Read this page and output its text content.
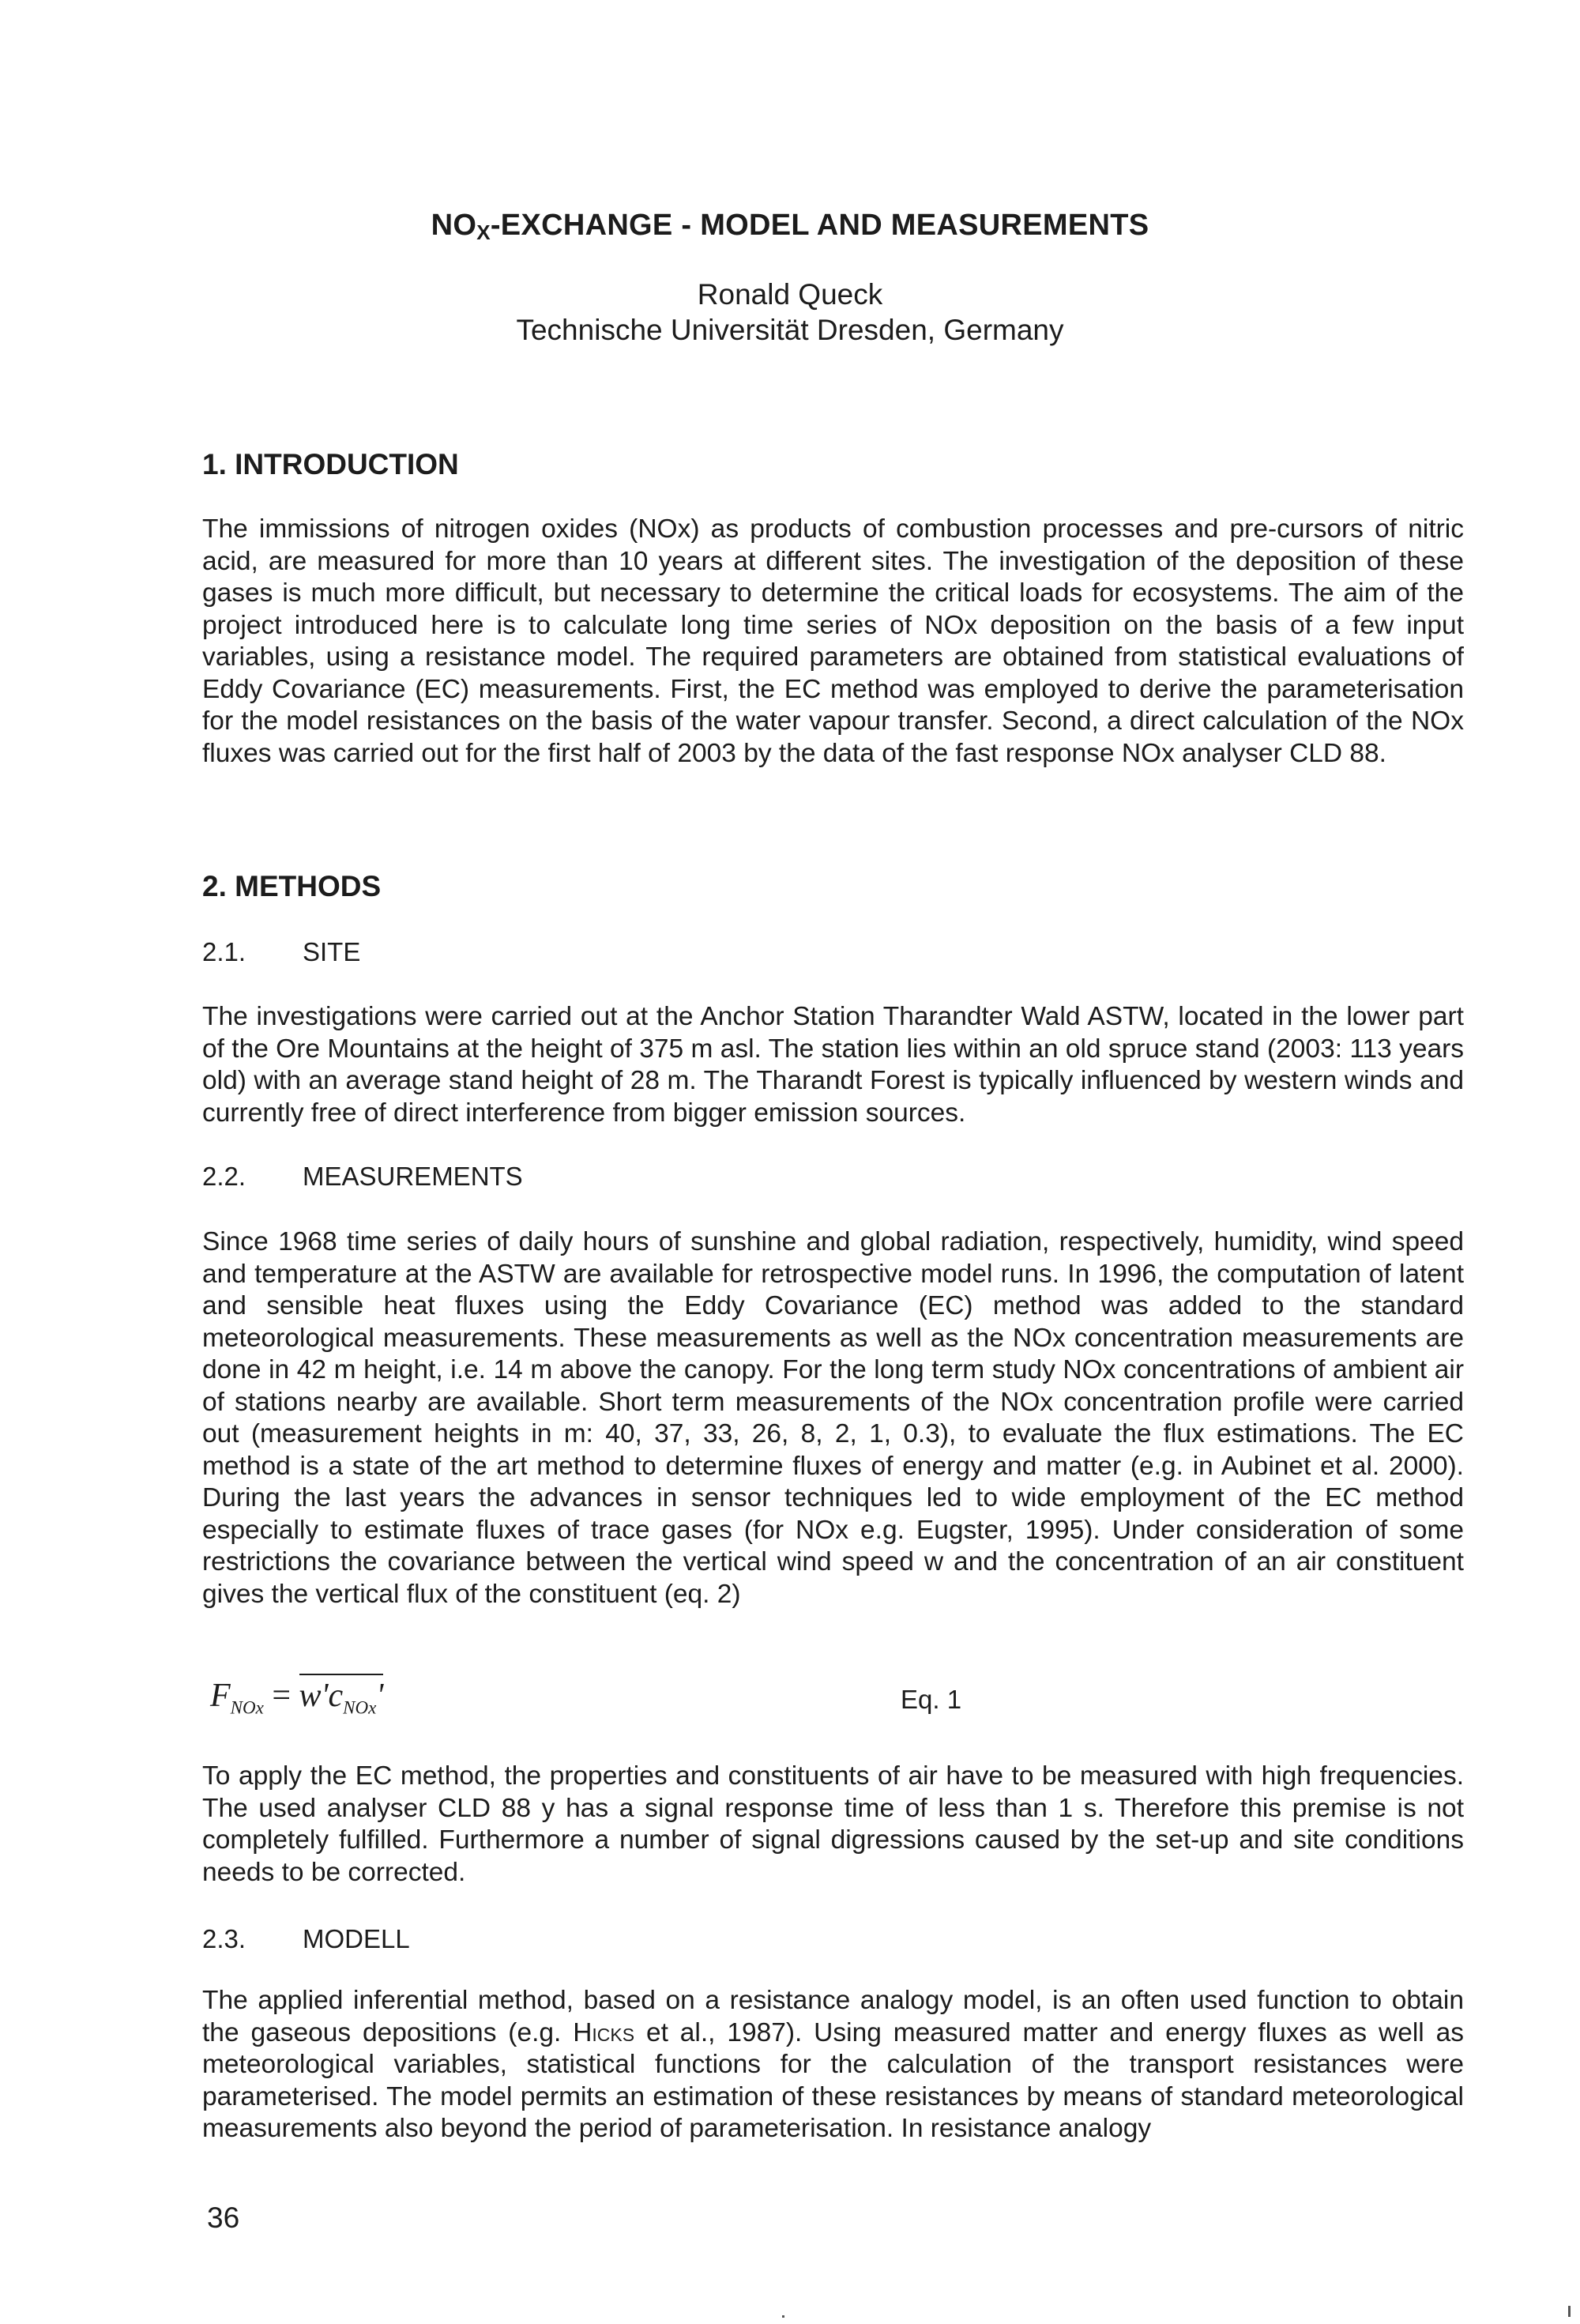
$NO_X$-EXCHANGE - MODEL AND MEASUREMENTS
Ronald Queck
Technische Universität Dresden, Germany
1. INTRODUCTION

The immissions of nitrogen oxides (NOx) as products of combustion processes and pre-cursors of nitric acid, are measured for more than 10 years at different sites. The investigation of the deposition of these gases is much more difficult, but necessary to determine the critical loads for ecosystems. The aim of the project introduced here is to calculate long time series of NOx deposition on the basis of a few input variables, using a resistance model. The required parameters are obtained from statistical evaluations of Eddy Covariance (EC) measurements. First, the EC method was employed to derive the parameterisation for the model resistances on the basis of the water vapour transfer. Second, a direct calculation of the NOx fluxes was carried out for the first half of 2003 by the data of the fast response NOx analyser CLD 88.

2. METHODS
2.1. SITE

The investigations were carried out at the Anchor Station Tharandter Wald ASTW, located in the lower part of the Ore Mountains at the height of 375 m asl. The station lies within an old spruce stand (2003: 113 years old) with an average stand height of 28 m. The Tharandt Forest is typically influenced by western winds and currently free of direct interference from bigger emission sources.

2.2. MEASUREMENTS

Since 1968 time series of daily hours of sunshine and global radiation, respectively, humidity, wind speed and temperature at the ASTW are available for retrospective model runs. In 1996, the computation of latent and sensible heat fluxes using the Eddy Covariance (EC) method was added to the standard meteorological measurements. These measurements as well as the NOx concentration measurements are done in 42 m height, i.e. 14 m above the canopy. For the long term study NOx concentrations of ambient air of stations nearby are available. Short term measurements of the NOx concentration profile were carried out (measurement heights in m: 40, 37, 33, 26, 8, 2, 1, 0.3), to evaluate the flux estimations. The EC method is a state of the art method to determine fluxes of energy and matter (e.g. in Aubinet et al. 2000). During the last years the advances in sensor techniques led to wide employment of the EC method especially to estimate fluxes of trace gases (for NOx e.g. Eugster, 1995). Under consideration of some restrictions the covariance between the vertical wind speed w and the concentration of an air constituent gives the vertical flux of the constituent (eq. 2)

$F_{NOx} = w'c_{NOx}'$	Eq. 1

To apply the EC method, the properties and constituents of air have to be measured with high frequencies. The used analyser CLD 88 y has a signal response time of less than 1 s. Therefore this premise is not completely fulfilled. Furthermore a number of signal digressions caused by the set-up and site conditions needs to be corrected.

2.3. MODELL

The applied inferential method, based on a resistance analogy model, is an often used function to obtain the gaseous depositions (e.g. Hicks et al., 1987). Using measured matter and energy fluxes as well as meteorological variables, statistical functions for the calculation of the transport resistances were parameterised. The model permits an estimation of these resistances by means of standard meteorological measurements also beyond the period of parameterisation. In resistance analogy

36
